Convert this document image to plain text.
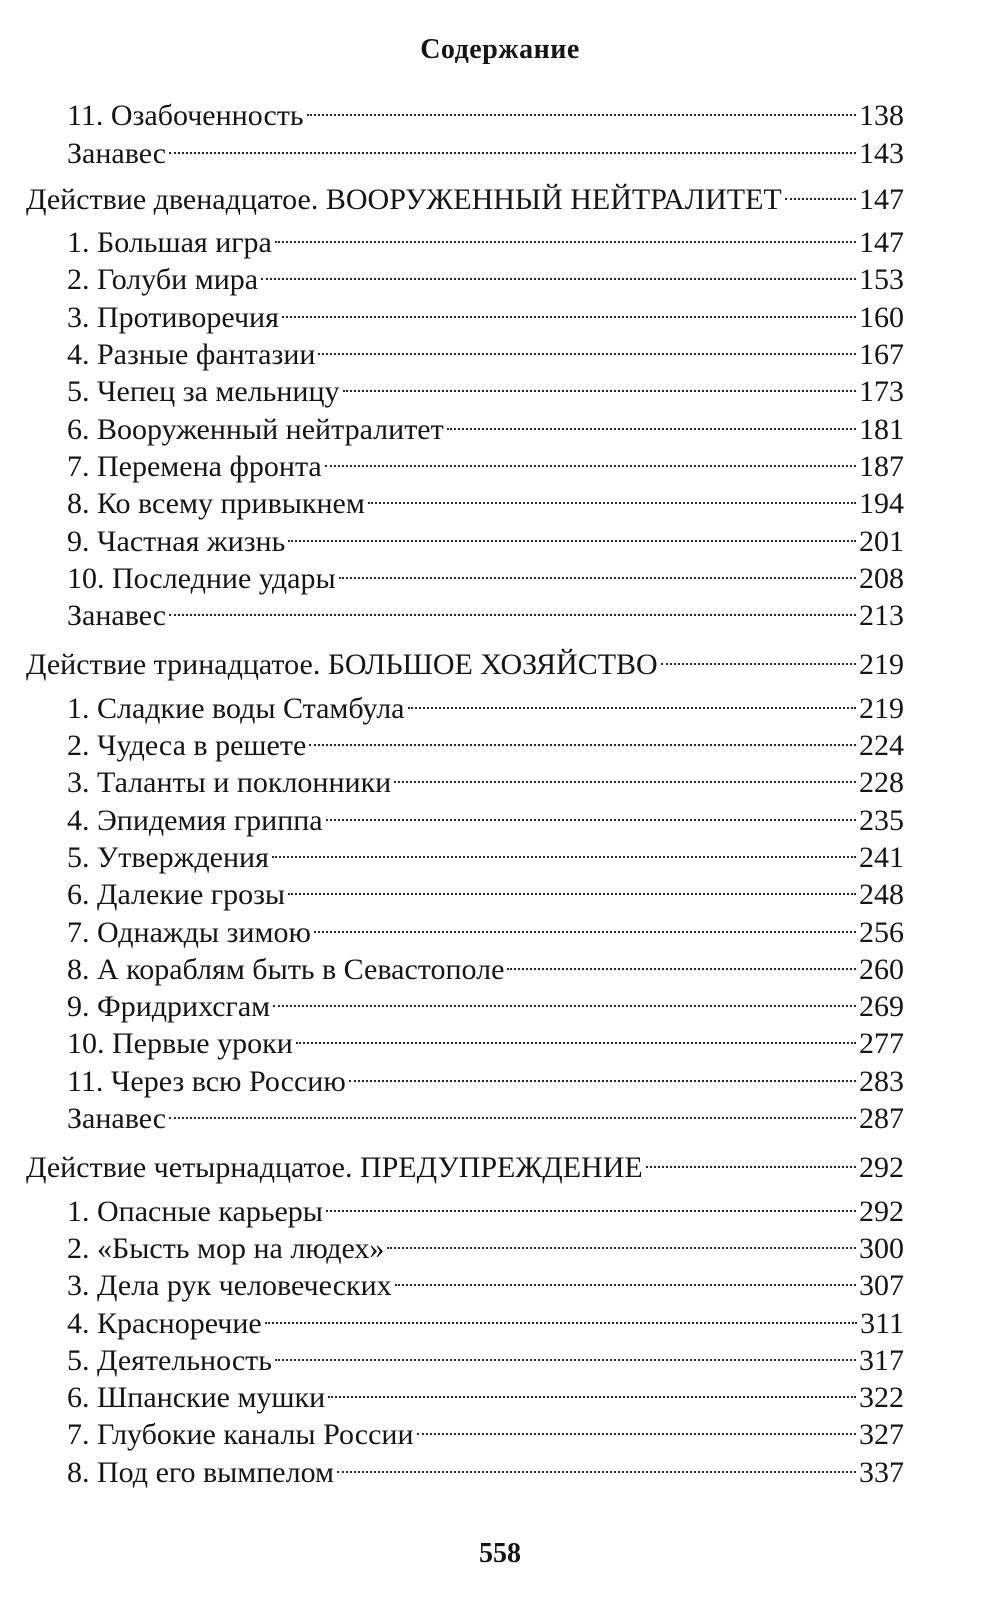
Содержание
11. Озабоченность	138
Занавес	143
Действие двенадцатое. ВООРУЖЕННЫЙ НЕЙТРАЛИТЕТ	147
1. Большая игра	147
2. Голуби мира	153
3. Противоречия	160
4. Разные фантазии	167
5. Чепец за мельницу	173
6. Вооруженный нейтралитет	181
7. Перемена фронта	187
8. Ко всему привыкнем	194
9. Частная жизнь	201
10. Последние удары	208
Занавес	213
Действие тринадцатое. БОЛЬШОЕ ХОЗЯЙСТВО	219
1. Сладкие воды Стамбула	219
2. Чудеса в решете	224
3. Таланты и поклонники	228
4. Эпидемия гриппа	235
5. Утверждения	241
6. Далекие грозы	248
7. Однажды зимою	256
8. А кораблям быть в Севастополе	260
9. Фридрихсгам	269
10. Первые уроки	277
11. Через всю Россию	283
Занавес	287
Действие четырнадцатое. ПРЕДУПРЕЖДЕНИЕ	292
1. Опасные карьеры	292
2. «Бысть мор на людех»	300
3. Дела рук человеческих	307
4. Красноречие	311
5. Деятельность	317
6. Шпанские мушки	322
7. Глубокие каналы России	327
8. Под его вымпелом	337
558
